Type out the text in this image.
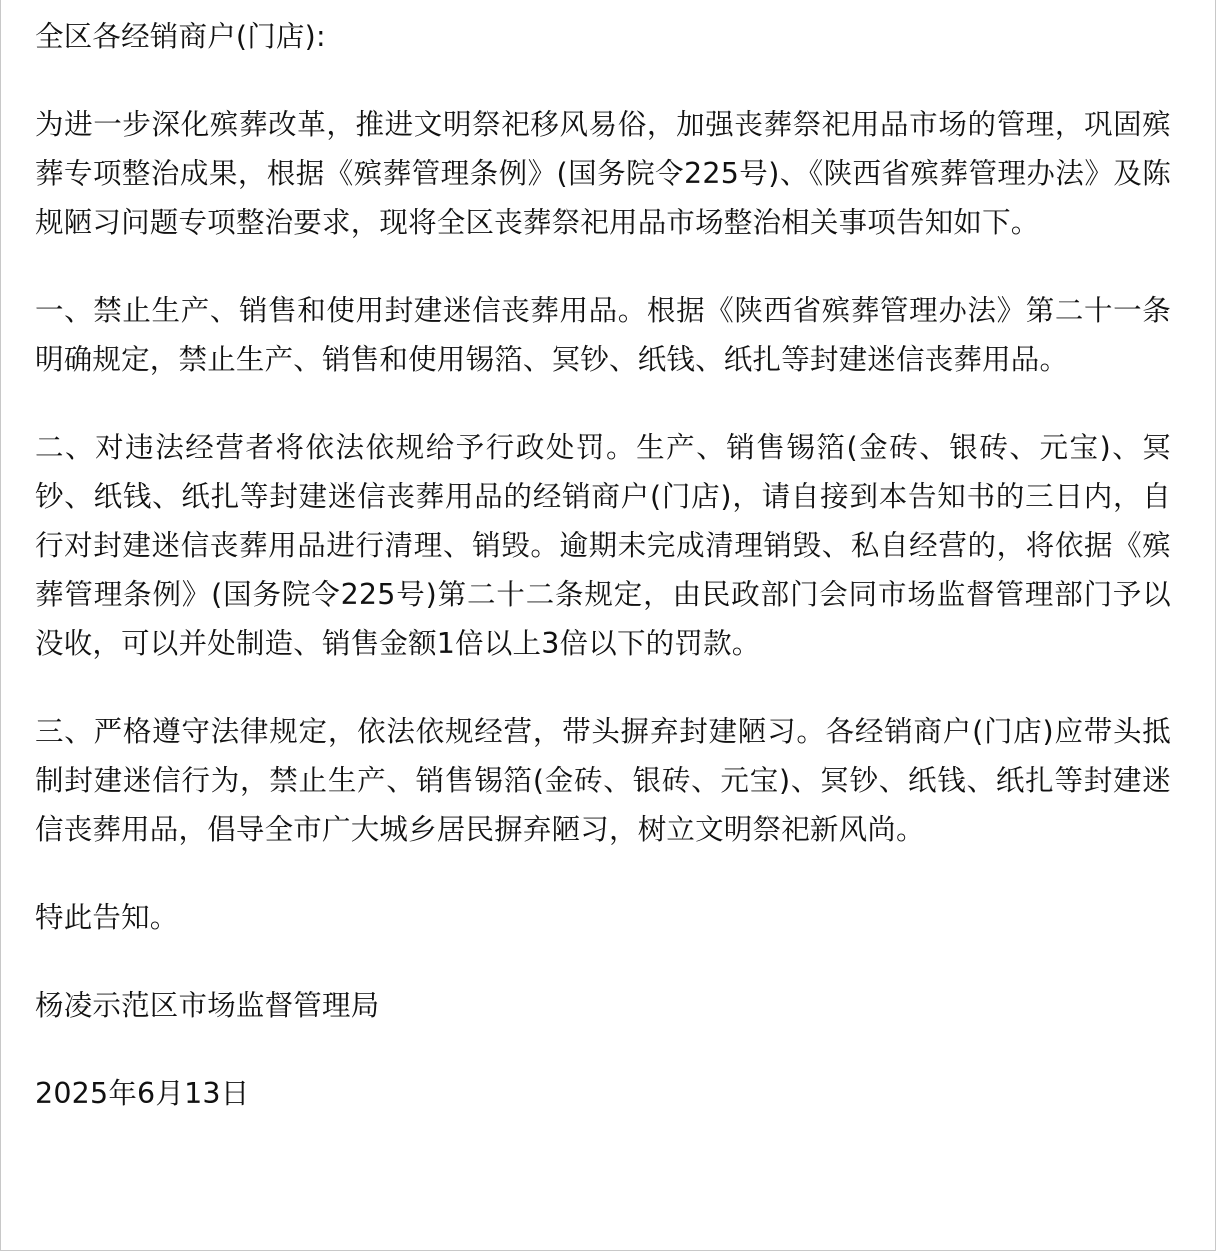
全区各经销商户(门店):

为进一步深化殡葬改革，推进文明祭祀移风易俗，加强丧葬祭祀用品市场的管理，巩固殡葬专项整治成果，根据《殡葬管理条例》(国务院令225号)、《陕西省殡葬管理办法》及陈规陋习问题专项整治要求，现将全区丧葬祭祀用品市场整治相关事项告知如下。

一、禁止生产、销售和使用封建迷信丧葬用品。根据《陕西省殡葬管理办法》第二十一条明确规定，禁止生产、销售和使用锡箔、冥钞、纸钱、纸扎等封建迷信丧葬用品。

二、对违法经营者将依法依规给予行政处罚。生产、销售锡箔(金砖、银砖、元宝)、冥钞、纸钱、纸扎等封建迷信丧葬用品的经销商户(门店)，请自接到本告知书的三日内，自行对封建迷信丧葬用品进行清理、销毁。逾期未完成清理销毁、私自经营的，将依据《殡葬管理条例》(国务院令225号)第二十二条规定，由民政部门会同市场监督管理部门予以没收，可以并处制造、销售金额1倍以上3倍以下的罚款。

三、严格遵守法律规定，依法依规经营，带头摒弃封建陋习。各经销商户(门店)应带头抵制封建迷信行为，禁止生产、销售锡箔(金砖、银砖、元宝)、冥钞、纸钱、纸扎等封建迷信丧葬用品，倡导全市广大城乡居民摒弃陋习，树立文明祭祀新风尚。

特此告知。

杨凌示范区市场监督管理局

2025年6月13日
